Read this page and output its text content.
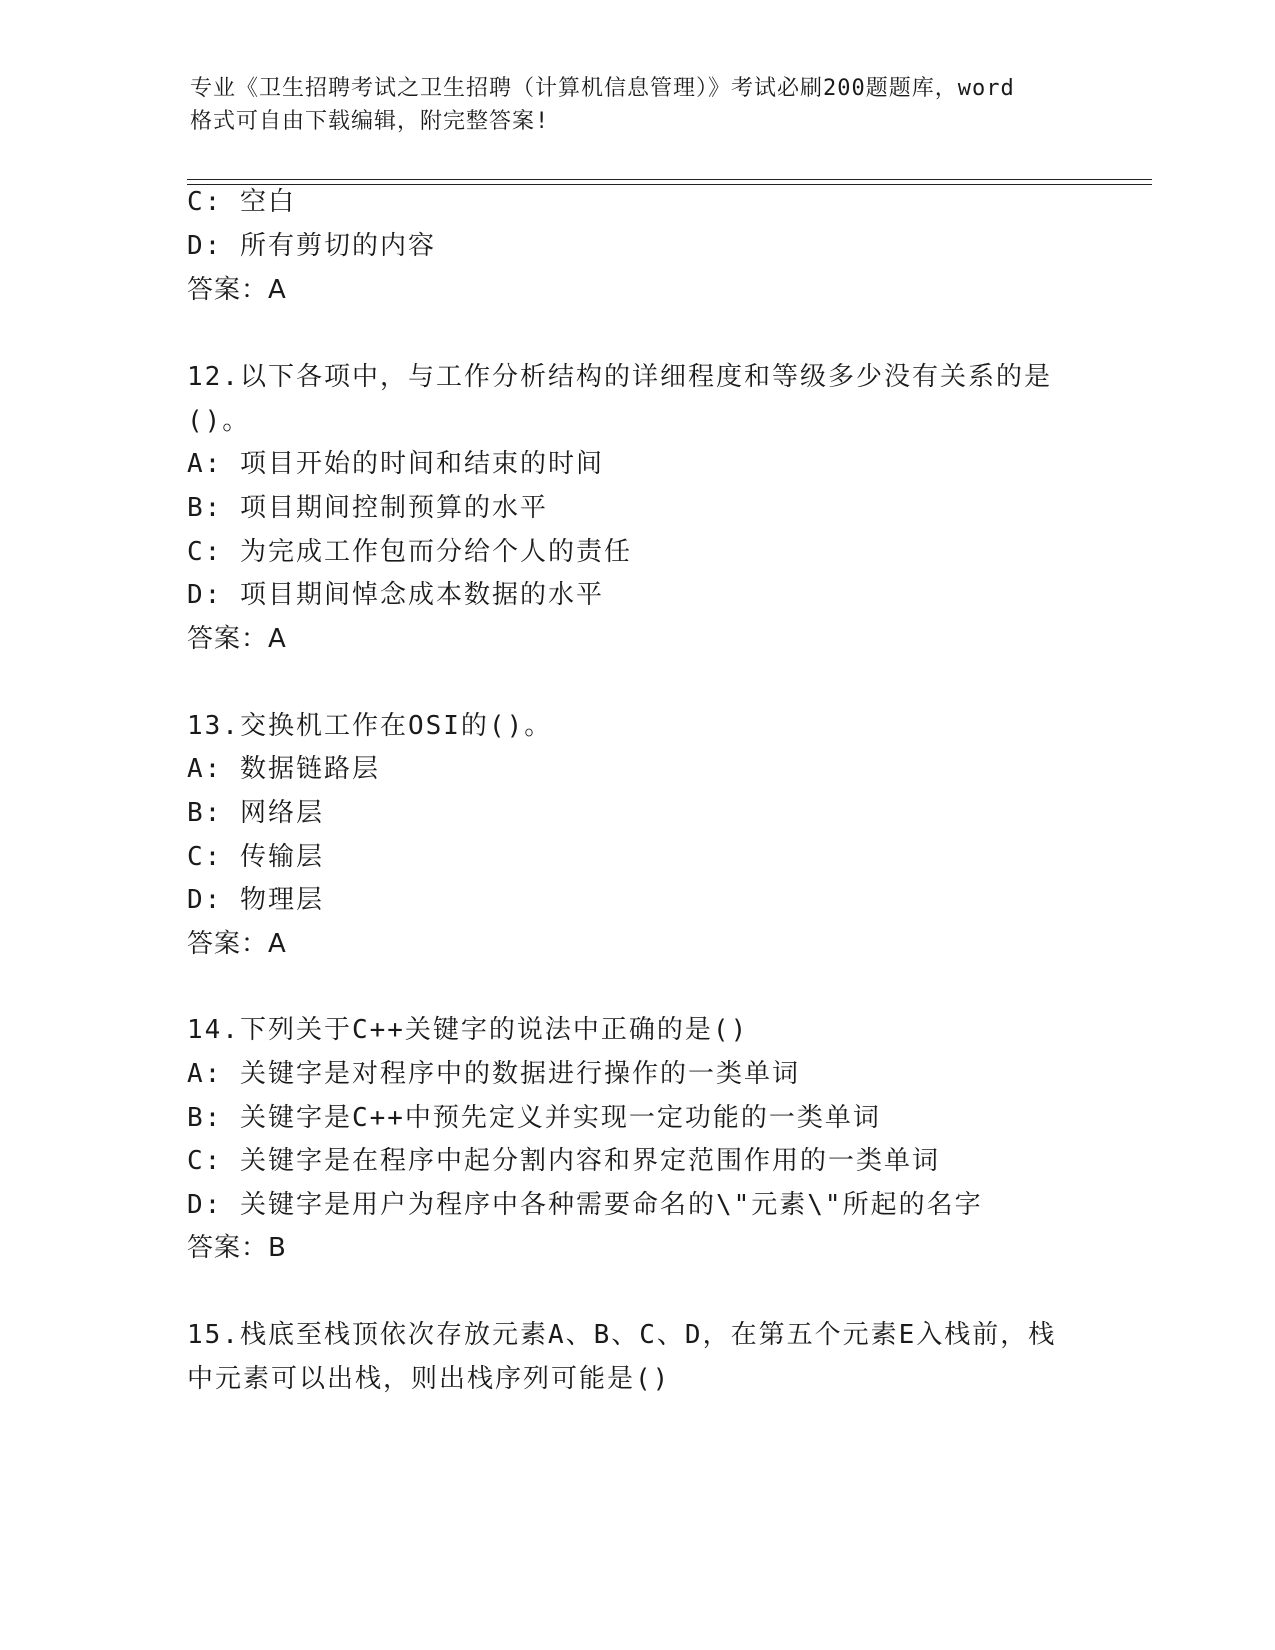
专业《卫生招聘考试之卫生招聘（计算机信息管理）》考试必刷200题题库，word
格式可自由下载编辑，附完整答案!
C: 空白
D: 所有剪切的内容
答案：A
12.以下各项中，与工作分析结构的详细程度和等级多少没有关系的是
()。
A: 项目开始的时间和结束的时间
B: 项目期间控制预算的水平
C: 为完成工作包而分给个人的责任
D: 项目期间悼念成本数据的水平
答案：A
13.交换机工作在OSI的()。
A: 数据链路层
B: 网络层
C: 传输层
D: 物理层
答案：A
14.下列关于C++关键字的说法中正确的是()
A: 关键字是对程序中的数据进行操作的一类单词
B: 关键字是C++中预先定义并实现一定功能的一类单词
C: 关键字是在程序中起分割内容和界定范围作用的一类单词
D: 关键字是用户为程序中各种需要命名的\"元素\"所起的名字
答案：B
15.栈底至栈顶依次存放元素A、B、C、D，在第五个元素E入栈前，栈
中元素可以出栈，则出栈序列可能是()
